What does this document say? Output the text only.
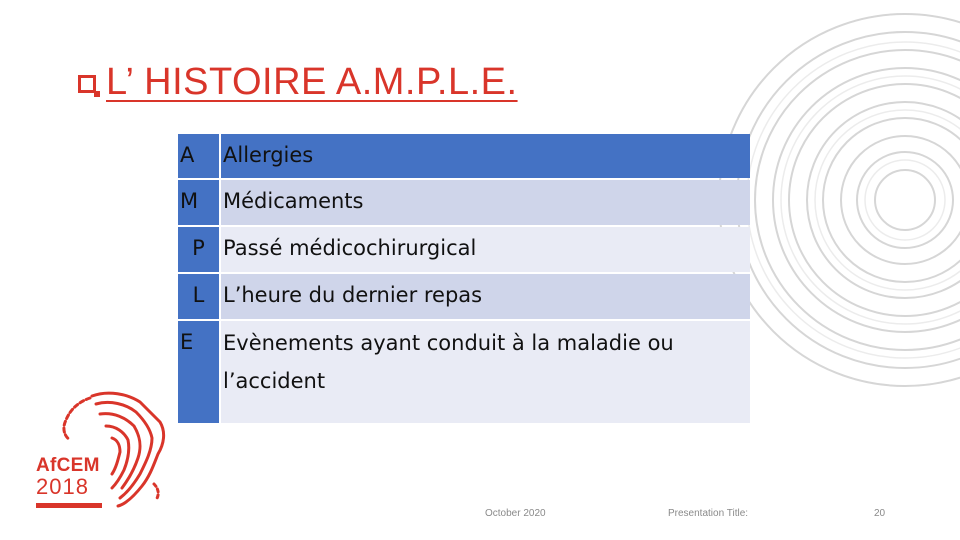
L’ HISTOIRE A.M.P.L.E.
A	Allergies
M	Médicaments
P Passé médicochirurgical
L L’heure du dernier repas
E	Evènements ayant conduit à la maladie ou l’accident
AfCEM
2018
October 2020	Presentation Title:	20
